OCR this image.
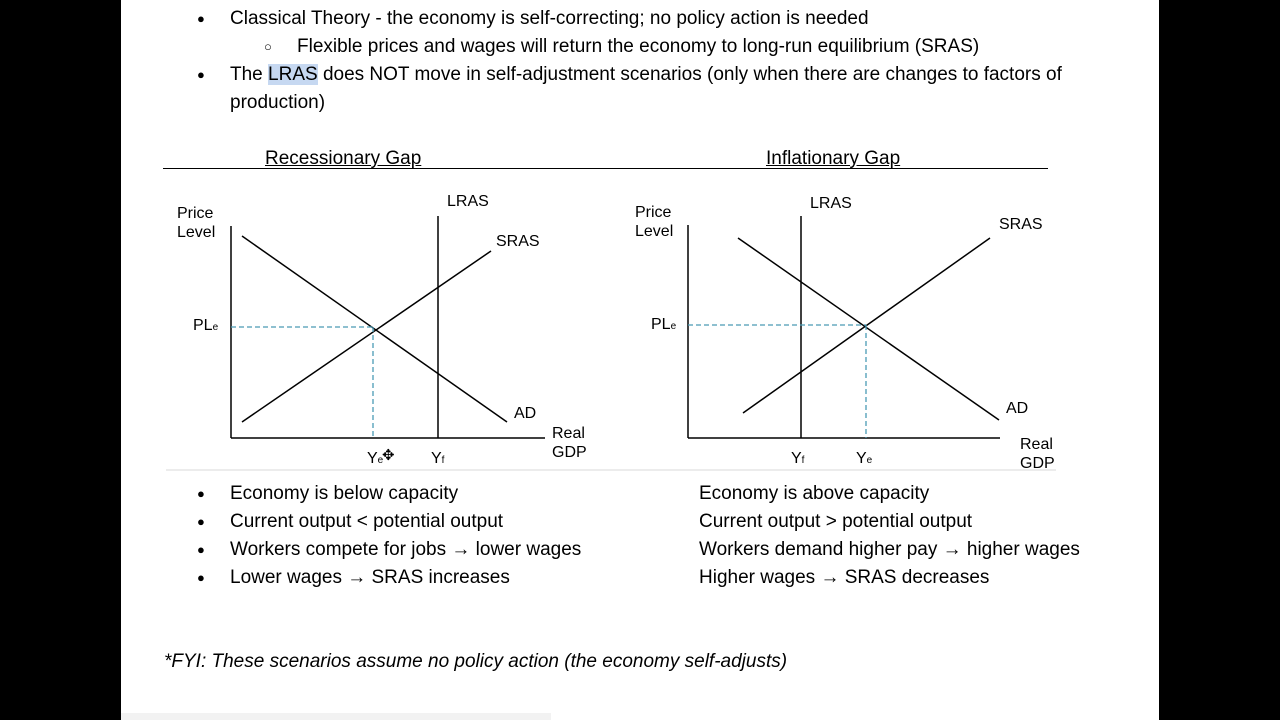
● Classical Theory - the economy is self-correcting; no policy action is needed
○ Flexible prices and wages will return the economy to long-run equilibrium (SRAS)
● The LRAS does NOT move in self-adjustment scenarios (only when there are changes to factors of
production)
Recessionary Gap	Inflationary Gap
Price
Level
LRAS
SRAS
AD
PLe
Ye
✥ Yf
Real
GDP
Price
Level
LRAS
SRAS
AD
PLe
Yf	Ye
Real
GDP
● Economy is below capacity
● Current output < potential output
● Workers compete for jobs → lower wages
● Lower wages → SRAS increases
Economy is above capacity
Current output > potential output
Workers demand higher pay → higher wages
Higher wages → SRAS decreases
*FYI: These scenarios assume no policy action (the economy self-adjusts)
